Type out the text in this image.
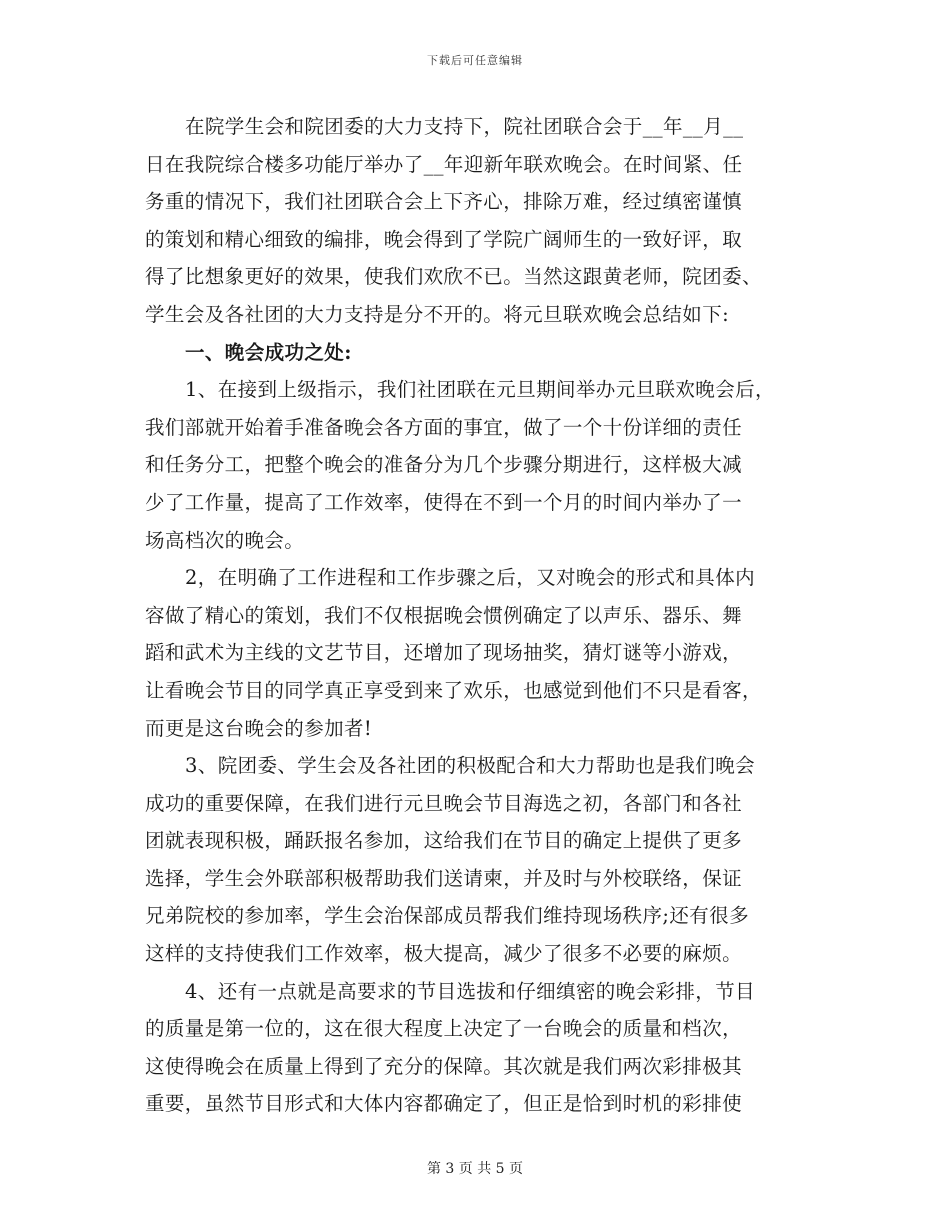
下载后可任意编辑
在院学生会和院团委的大力支持下，院社团联合会于__年__月__
日在我院综合楼多功能厅举办了__年迎新年联欢晚会。在时间紧、任
务重的情况下，我们社团联合会上下齐心，排除万难，经过缜密谨慎
的策划和精心细致的编排，晚会得到了学院广阔师生的一致好评，取
得了比想象更好的效果，使我们欢欣不已。当然这跟黄老师，院团委、
学生会及各社团的大力支持是分不开的。将元旦联欢晚会总结如下:
一、晚会成功之处:
1、在接到上级指示，我们社团联在元旦期间举办元旦联欢晚会后，
我们部就开始着手准备晚会各方面的事宜，做了一个十份详细的责任
和任务分工，把整个晚会的准备分为几个步骤分期进行，这样极大减
少了工作量，提高了工作效率，使得在不到一个月的时间内举办了一
场高档次的晚会。
2，在明确了工作进程和工作步骤之后，又对晚会的形式和具体内
容做了精心的策划，我们不仅根据晚会惯例确定了以声乐、器乐、舞
蹈和武术为主线的文艺节目，还增加了现场抽奖，猜灯谜等小游戏，
让看晚会节目的同学真正享受到来了欢乐，也感觉到他们不只是看客，
而更是这台晚会的参加者!
3、院团委、学生会及各社团的积极配合和大力帮助也是我们晚会
成功的重要保障，在我们进行元旦晚会节目海选之初，各部门和各社
团就表现积极，踊跃报名参加，这给我们在节目的确定上提供了更多
选择，学生会外联部积极帮助我们送请柬，并及时与外校联络，保证
兄弟院校的参加率，学生会治保部成员帮我们维持现场秩序;还有很多
这样的支持使我们工作效率，极大提高，减少了很多不必要的麻烦。
4、还有一点就是高要求的节目选拔和仔细缜密的晚会彩排，节目
的质量是第一位的，这在很大程度上决定了一台晚会的质量和档次，
这使得晚会在质量上得到了充分的保障。其次就是我们两次彩排极其
重要，虽然节目形式和大体内容都确定了，但正是恰到时机的彩排使
第 3 页 共 5 页
